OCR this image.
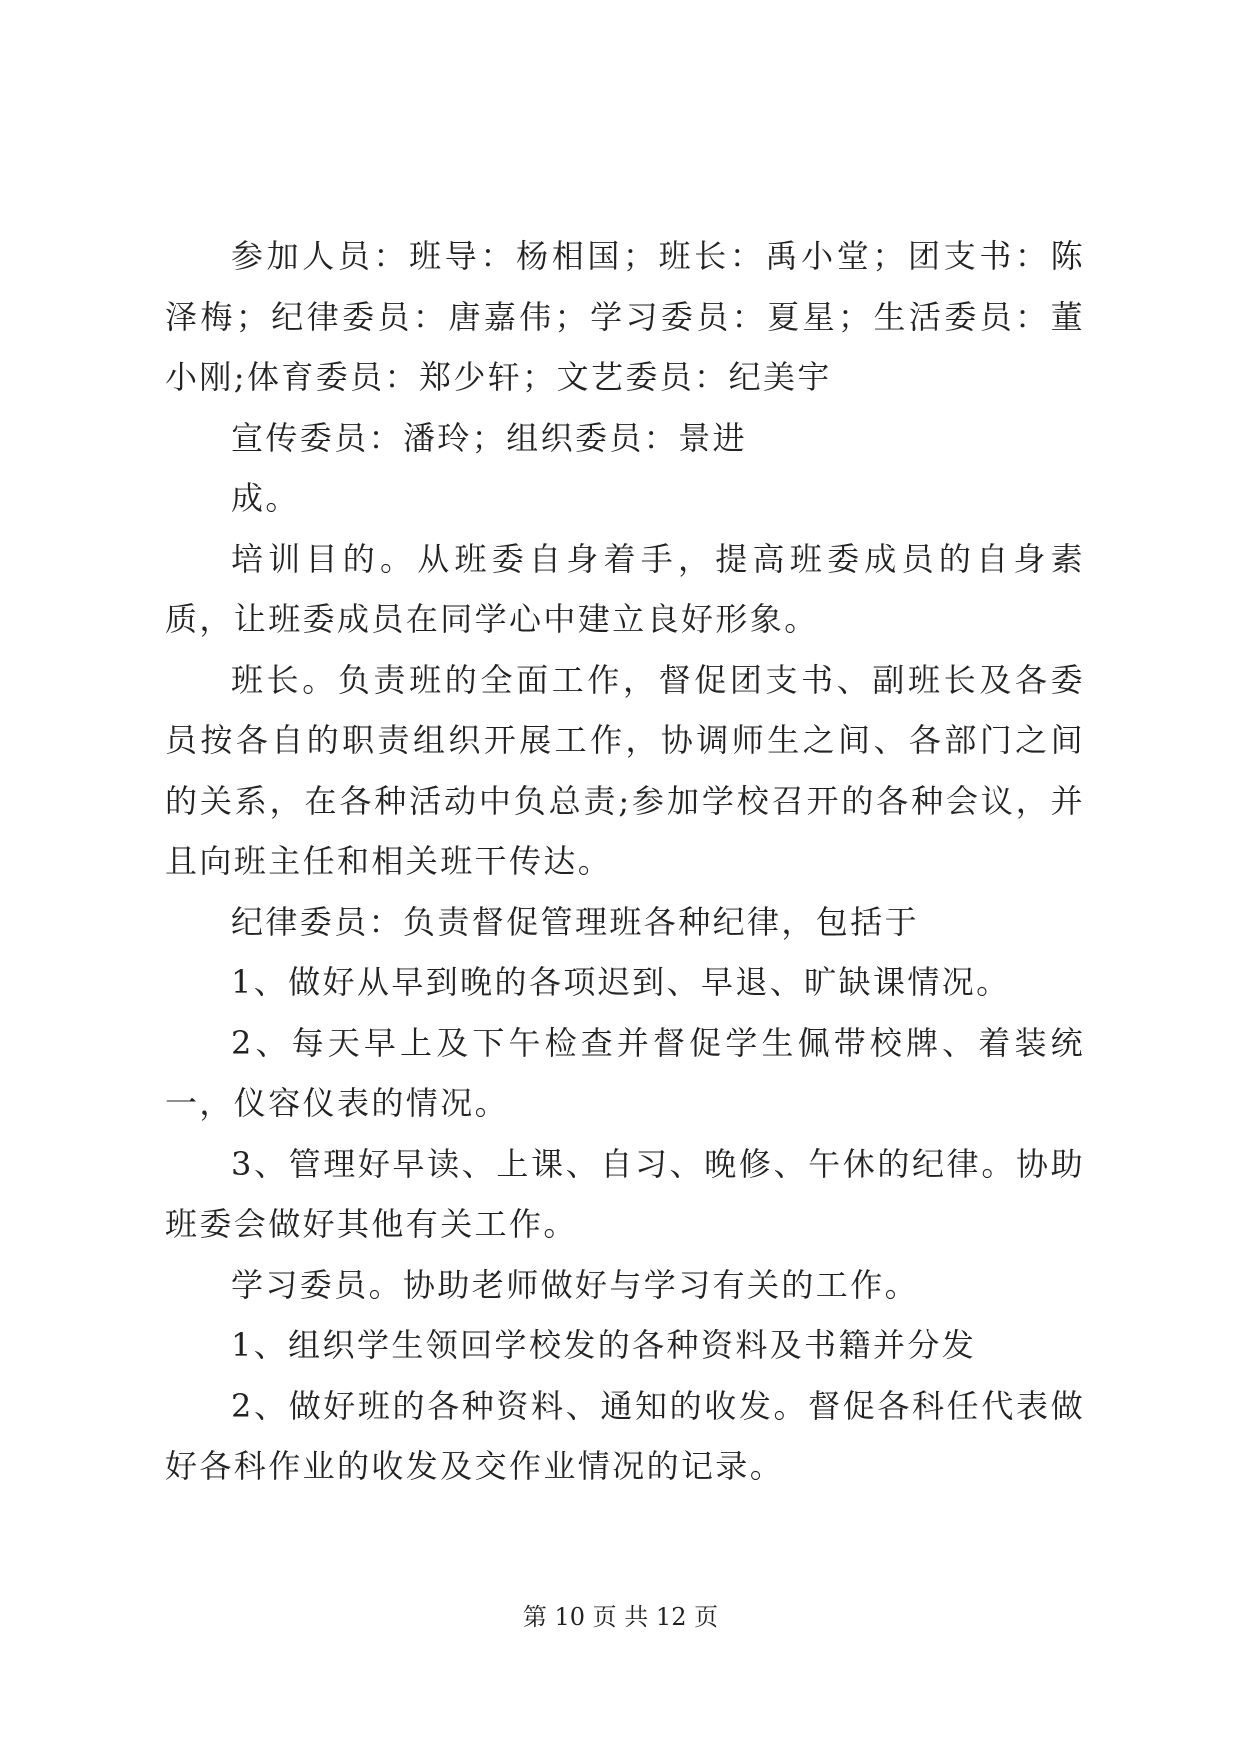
参加人员：班导：杨相国；班长：禹小堂；团支书：陈泽梅；纪律委员：唐嘉伟；学习委员：夏星；生活委员：董小刚;体育委员：郑少轩；文艺委员：纪美宇

宣传委员：潘玲；组织委员：景进

成。

培训目的。从班委自身着手，提高班委成员的自身素质，让班委成员在同学心中建立良好形象。

班长。负责班的全面工作，督促团支书、副班长及各委员按各自的职责组织开展工作，协调师生之间、各部门之间的关系，在各种活动中负总责;参加学校召开的各种会议，并且向班主任和相关班干传达。

纪律委员：负责督促管理班各种纪律，包括于

1、做好从早到晚的各项迟到、早退、旷缺课情况。

2、每天早上及下午检查并督促学生佩带校牌、着装统一，仪容仪表的情况。

3、管理好早读、上课、自习、晚修、午休的纪律。协助班委会做好其他有关工作。

学习委员。协助老师做好与学习有关的工作。

1、组织学生领回学校发的各种资料及书籍并分发

2、做好班的各种资料、通知的收发。督促各科任代表做好各科作业的收发及交作业情况的记录。

第 10 页 共 12 页
